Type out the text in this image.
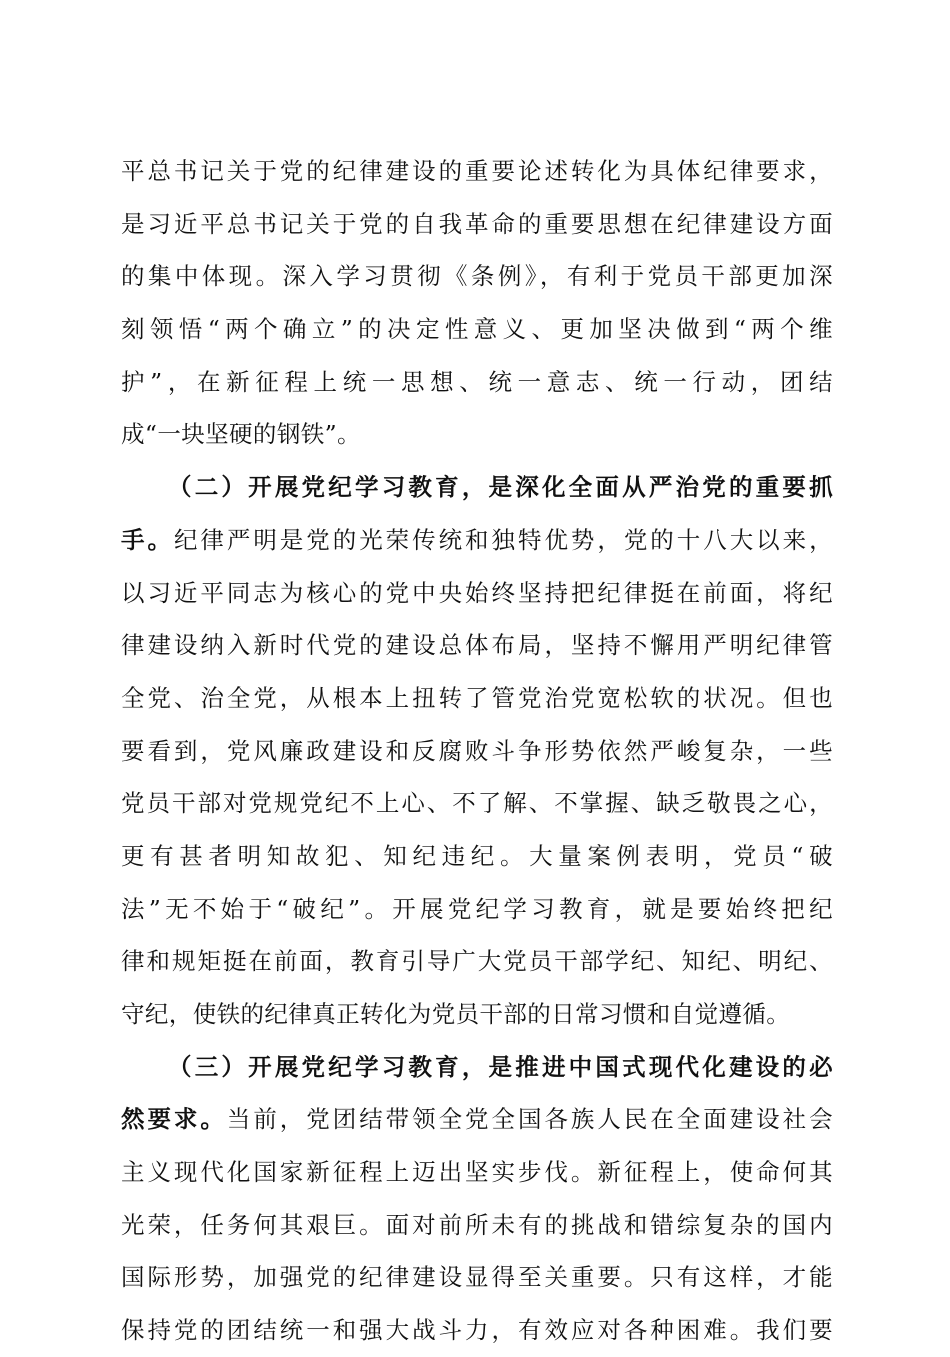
平总书记关于党的纪律建设的重要论述转化为具体纪律要求，
是习近平总书记关于党的自我革命的重要思想在纪律建设方面
的集中体现。深入学习贯彻《条例》，有利于党员干部更加深
刻领悟“两个确立”的决定性意义、更加坚决做到“两个维
护”，在新征程上统一思想、统一意志、统一行动，团结
成“一块坚硬的钢铁”。
（二）开展党纪学习教育，是深化全面从严治党的重要抓
手。纪律严明是党的光荣传统和独特优势，党的十八大以来，
以习近平同志为核心的党中央始终坚持把纪律挺在前面，将纪
律建设纳入新时代党的建设总体布局，坚持不懈用严明纪律管
全党、治全党，从根本上扭转了管党治党宽松软的状况。但也
要看到，党风廉政建设和反腐败斗争形势依然严峻复杂，一些
党员干部对党规党纪不上心、不了解、不掌握、缺乏敬畏之心，
更有甚者明知故犯、知纪违纪。大量案例表明，党员“破
法”无不始于“破纪”。开展党纪学习教育，就是要始终把纪
律和规矩挺在前面，教育引导广大党员干部学纪、知纪、明纪、
守纪，使铁的纪律真正转化为党员干部的日常习惯和自觉遵循。
（三）开展党纪学习教育，是推进中国式现代化建设的必
然要求。当前，党团结带领全党全国各族人民在全面建设社会
主义现代化国家新征程上迈出坚实步伐。新征程上，使命何其
光荣，任务何其艰巨。面对前所未有的挑战和错综复杂的国内
国际形势，加强党的纪律建设显得至关重要。只有这样，才能
保持党的团结统一和强大战斗力，有效应对各种困难。我们要
